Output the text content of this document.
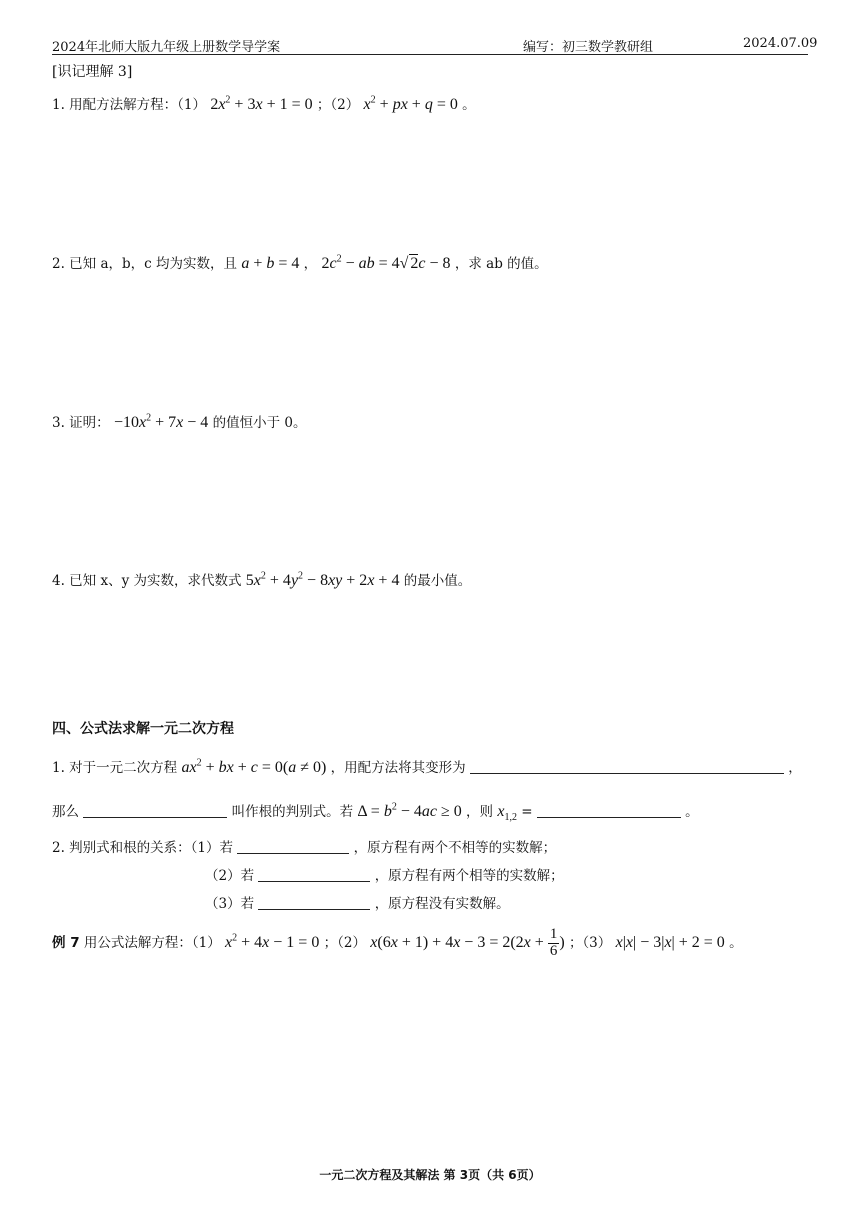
2024年北师大版九年级上册数学导学案	编写：初三数学教研组	2024.07.09
[识记理解 3]
1. 用配方法解方程：（1） $2x^2 + 3x + 1 = 0$ ；（2） $x^2$ + px + q = 0 。
2. 已知 a，b，c 均为实数，且 a + b = 4 ， $2c^2$ − ab = 4√ 2c − 8 ，求 ab 的值。
3. 证明： $-10x^2 + 7x - 4$ 的值恒小于 0。
4. 已知 x、y 为实数，求代数式 $5x^2 + 4y^2 - 8xy + 2x + 4$ 的最小值。
四、公式法求解一元二次方程
1. 对于一元二次方程 $ax^2$ + bx + c = 0(a ≠ 0) ，用配方法将其变形为	，
那么	叫作根的判别式。若 $\Delta = b^2 - 4ac \ge 0$ ，则 $x_{1,2}$ =	。
2. 判别式和根的关系：（1）若	，原方程有两个不相等的实数解；
（2）若	，原方程有两个相等的实数解；
（3）若	，原方程没有实数解。
例 7 用公式法解方程：（1） $x^2 + 4x - 1 = 0$ ；（2） $x(6x + 1) + 4x - 3 = 2(2x + \frac{1}{6}$ ) ；（3） x|x| − 3|x| + 2 = 0 。
一元二次方程及其解法 第 3页（共 6页）
